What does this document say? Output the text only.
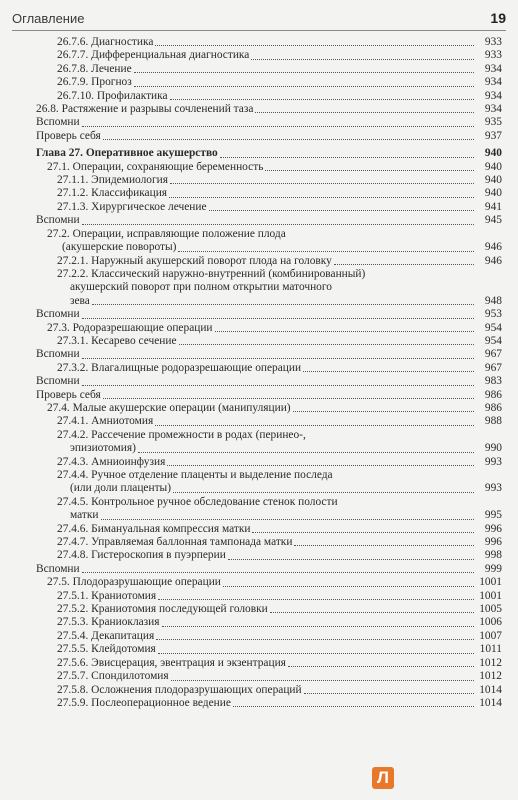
Оглавление	19
26.7.6. Диагностика	933
26.7.7. Дифференциальная диагностика	933
26.7.8. Лечение	934
26.7.9. Прогноз	934
26.7.10. Профилактика	934
26.8. Растяжение и разрывы сочленений таза	934
Вспомни	935
Проверь себя	937
Глава 27. Оперативное акушерство	940
27.1. Операции, сохраняющие беременность	940
27.1.1. Эпидемиология	940
27.1.2. Классификация	940
27.1.3. Хирургическое лечение	941
Вспомни	945
27.2. Операции, исправляющие положение плода
(акушерские повороты)	946
27.2.1. Наружный акушерский поворот плода на головку	946
27.2.2. Классический наружно-внутренний (комбинированный)
акушерский поворот при полном открытии маточного
зева	948
Вспомни	953
27.3. Родоразрешающие операции	954
27.3.1. Кесарево сечение	954
Вспомни	967
27.3.2. Влагалищные родоразрешающие операции	967
Вспомни	983
Проверь себя	986
27.4. Малые акушерские операции (манипуляции)	986
27.4.1. Амниотомия	988
27.4.2. Рассечение промежности в родах (перинео-,
эпизиотомия)	990
27.4.3. Амниоинфузия	993
27.4.4. Ручное отделение плаценты и выделение последа
(или доли плаценты)	993
27.4.5. Контрольное ручное обследование стенок полости
матки	995
27.4.6. Бимануальная компрессия матки	996
27.4.7. Управляемая баллонная тампонада матки	996
27.4.8. Гистероскопия в пуэрперии	998
Вспомни	999
27.5. Плодоразрушающие операции	1001
27.5.1. Краниотомия	1001
27.5.2. Краниотомия последующей головки	1005
27.5.3. Краниоклазия	1006
27.5.4. Декапитация	1007
27.5.5. Клейдотомия	1011
27.5.6. Эвисцерация, эвентрация и экзентрация	1012
27.5.7. Спондилотомия	1012
27.5.8. Осложнения плодоразрушающих операций	1014
27.5.9. Послеоперационное ведение	1014
Л
